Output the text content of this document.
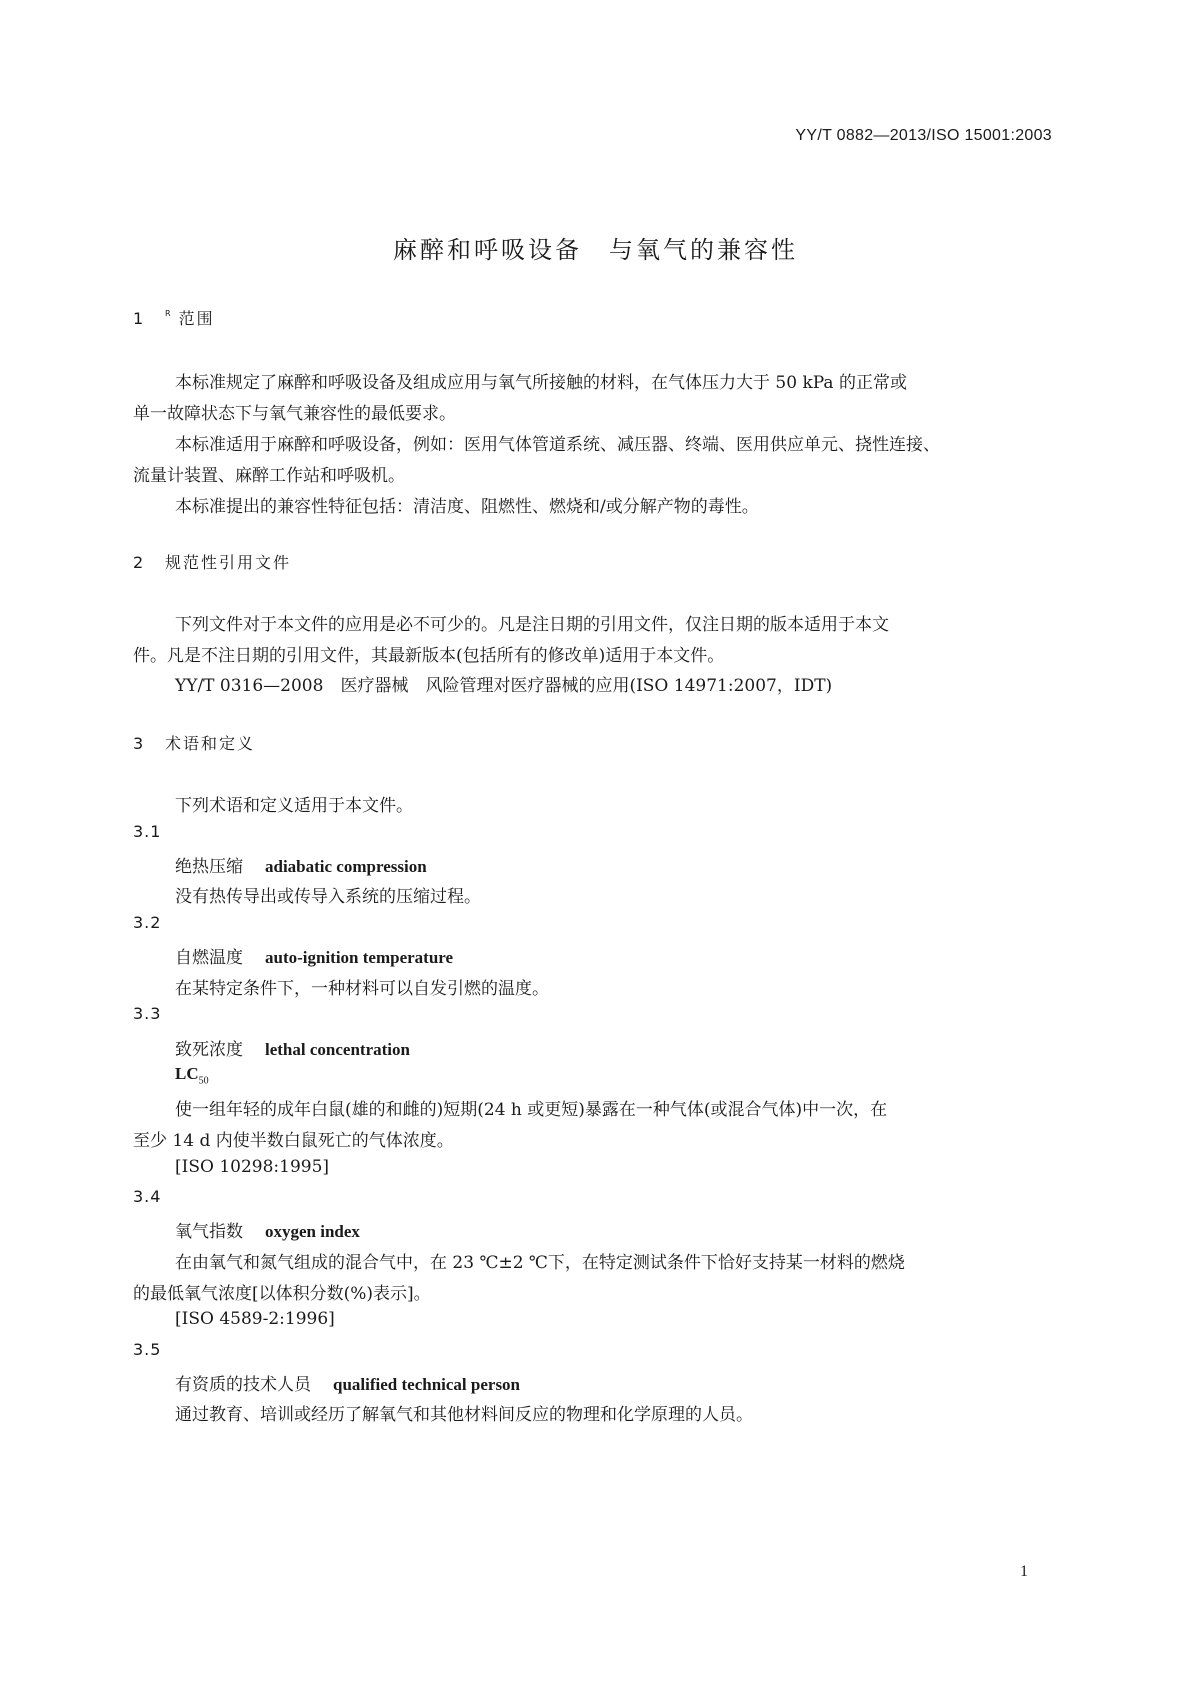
YY/T 0882—2013/ISO 15001:2003
麻醉和呼吸设备　与氧气的兼容性
1 $^R$ 范围
本标准规定了麻醉和呼吸设备及组成应用与氧气所接触的材料，在气体压力大于 50 kPa 的正常或
单一故障状态下与氧气兼容性的最低要求。
本标准适用于麻醉和呼吸设备，例如：医用气体管道系统、减压器、终端、医用供应单元、挠性连接、
流量计装置、麻醉工作站和呼吸机。
本标准提出的兼容性特征包括：清洁度、阻燃性、燃烧和/或分解产物的毒性。
2 规范性引用文件
下列文件对于本文件的应用是必不可少的。凡是注日期的引用文件，仅注日期的版本适用于本文
件。凡是不注日期的引用文件，其最新版本(包括所有的修改单)适用于本文件。
YY/T 0316—2008　医疗器械　风险管理对医疗器械的应用(ISO 14971:2007，IDT)
3 术语和定义
下列术语和定义适用于本文件。
3.1
绝热压缩 adiabatic compression
没有热传导出或传导入系统的压缩过程。
3.2
自燃温度 auto-ignition temperature
在某特定条件下，一种材料可以自发引燃的温度。
3.3
致死浓度 lethal concentration
$LC_{50}$
使一组年轻的成年白鼠(雄的和雌的)短期(24 h 或更短)暴露在一种气体(或混合气体)中一次，在
至少 14 d 内使半数白鼠死亡的气体浓度。
[ISO 10298:1995]
3.4
氧气指数 oxygen index
在由氧气和氮气组成的混合气中，在 23 ℃±2 ℃下，在特定测试条件下恰好支持某一材料的燃烧
的最低氧气浓度[以体积分数(%)表示]。
[ISO 4589-2:1996]
3.5
有资质的技术人员 qualified technical person
通过教育、培训或经历了解氧气和其他材料间反应的物理和化学原理的人员。
1
